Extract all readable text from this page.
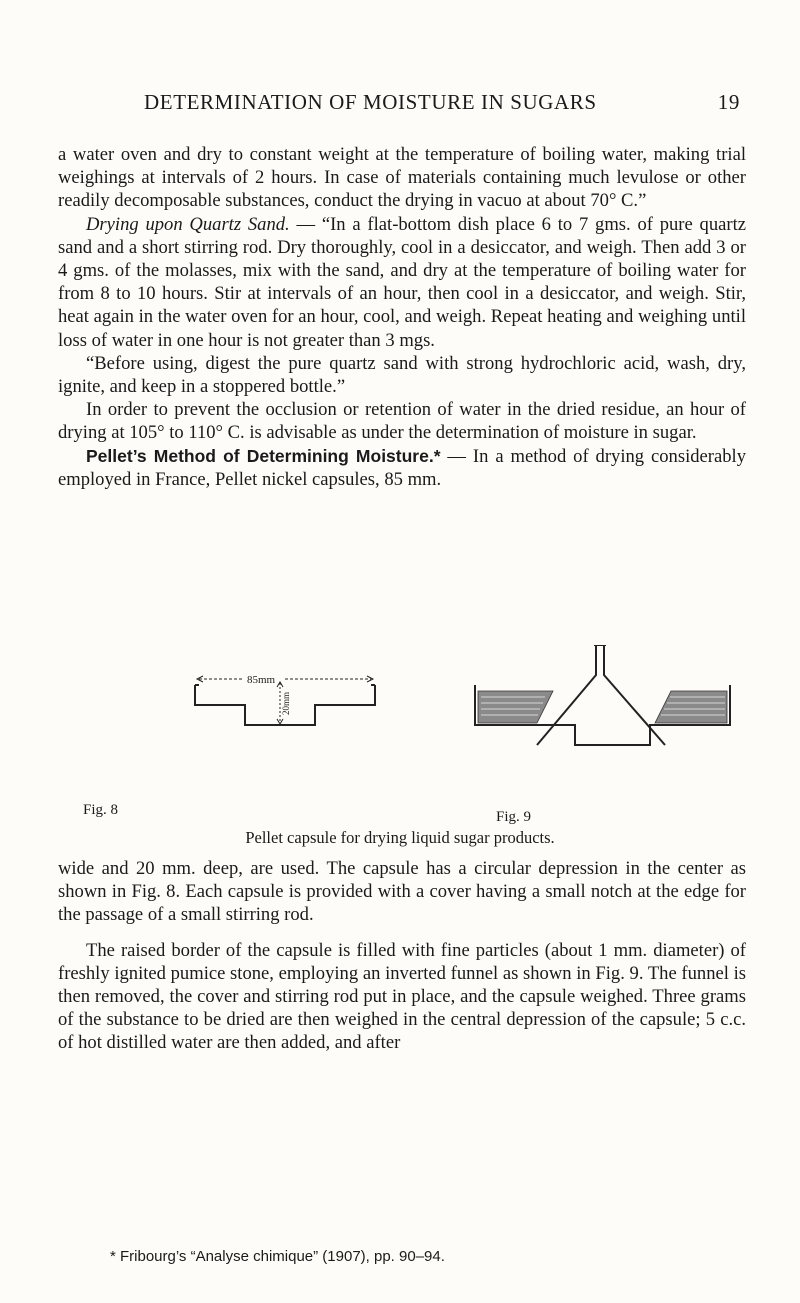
DETERMINATION OF MOISTURE IN SUGARS	19

a water oven and dry to constant weight at the temperature of boiling water, making trial weighings at intervals of 2 hours. In case of materials containing much levulose or other readily decomposable substances, conduct the drying in vacuo at about 70° C.”

Drying upon Quartz Sand. — “In a flat-bottom dish place 6 to 7 gms. of pure quartz sand and a short stirring rod. Dry thoroughly, cool in a desiccator, and weigh. Then add 3 or 4 gms. of the molasses, mix with the sand, and dry at the temperature of boiling water for from 8 to 10 hours. Stir at intervals of an hour, then cool in a desiccator, and weigh. Stir, heat again in the water oven for an hour, cool, and weigh. Repeat heating and weighing until loss of water in one hour is not greater than 3 mgs.

“Before using, digest the pure quartz sand with strong hydrochloric acid, wash, dry, ignite, and keep in a stoppered bottle.”

In order to prevent the occlusion or retention of water in the dried residue, an hour of drying at 105° to 110° C. is advisable as under the determination of moisture in sugar.

Pellet’s Method of Determining Moisture.* — In a method of drying considerably employed in France, Pellet nickel capsules, 85 mm.

85mm
20mm
Fig. 8	Fig. 9
Pellet capsule for drying liquid sugar products.

wide and 20 mm. deep, are used. The capsule has a circular depression in the center as shown in Fig. 8. Each capsule is provided with a cover having a small notch at the edge for the passage of a small stirring rod.

The raised border of the capsule is filled with fine particles (about 1 mm. diameter) of freshly ignited pumice stone, employing an inverted funnel as shown in Fig. 9. The funnel is then removed, the cover and stirring rod put in place, and the capsule weighed. Three grams of the substance to be dried are then weighed in the central depression of the capsule; 5 c.c. of hot distilled water are then added, and after

* Fribourg’s “Analyse chimique” (1907), pp. 90–94.
